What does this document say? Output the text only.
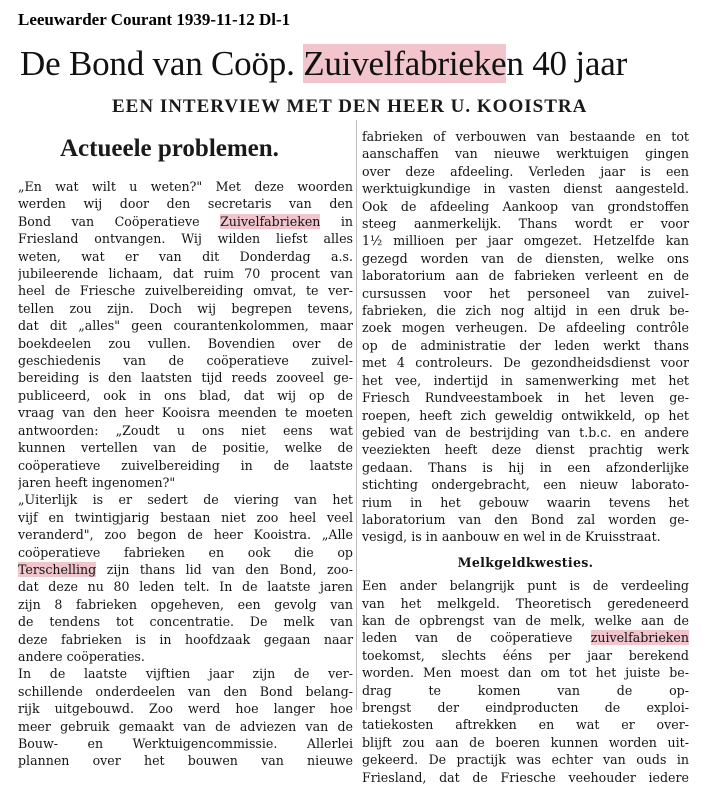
Leeuwarder Courant 1939-11-12 Dl-1
De Bond van Coöp. Zuivelfabrieken 40 jaar
EEN INTERVIEW MET DEN HEER U. KOOISTRA
Actueele problemen.
„En wat wilt u weten?" Met deze woorden
werden wij door den secretaris van den
Bond van Coöperatieve Zuivelfabrieken in
Friesland ontvangen. Wij wilden liefst alles
weten, wat er van dit Donderdag a.s.
jubileerende lichaam, dat ruim 70 procent van
heel de Friesche zuivelbereiding omvat, te ver-
tellen zou zijn. Doch wij begrepen tevens,
dat dit „alles" geen courantenkolommen, maar
boekdeelen zou vullen. Bovendien over de
geschiedenis van de coöperatieve zuivel-
bereiding is den laatsten tijd reeds zooveel ge-
publiceerd, ook in ons blad, dat wij op de
vraag van den heer Kooisra meenden te moeten
antwoorden: „Zoudt u ons niet eens wat
kunnen vertellen van de positie, welke de
coöperatieve zuivelbereiding in de laatste
jaren heeft ingenomen?"
„Uiterlijk is er sedert de viering van het
vijf en twintigjarig bestaan niet zoo heel veel
veranderd", zoo begon de heer Kooistra. „Alle
coöperatieve fabrieken en ook die op
Terschelling zijn thans lid van den Bond, zoo-
dat deze nu 80 leden telt. In de laatste jaren
zijn 8 fabrieken opgeheven, een gevolg van
de tendens tot concentratie. De melk van
deze fabrieken is in hoofdzaak gegaan naar
andere coöperaties.
In de laatste vijftien jaar zijn de ver-
schillende onderdeelen van den Bond belang-
rijk uitgebouwd. Zoo werd hoe langer hoe
meer gebruik gemaakt van de adviezen van de
Bouw- en Werktuigencommissie. Allerlei
plannen over het bouwen van nieuwe
fabrieken of verbouwen van bestaande en tot
aanschaffen van nieuwe werktuigen gingen
over deze afdeeling. Verleden jaar is een
werktuigkundige in vasten dienst aangesteld.
Ook de afdeeling Aankoop van grondstoffen
steeg aanmerkelijk. Thans wordt er voor
1½ millioen per jaar omgezet. Hetzelfde kan
gezegd worden van de diensten, welke ons
laboratorium aan de fabrieken verleent en de
cursussen voor het personeel van zuivel-
fabrieken, die zich nog altijd in een druk be-
zoek mogen verheugen. De afdeeling contrôle
op de administratie der leden werkt thans
met 4 controleurs. De gezondheidsdienst voor
het vee, indertijd in samenwerking met het
Friesch Rundveestamboek in het leven ge-
roepen, heeft zich geweldig ontwikkeld, op het
gebied van de bestrijding van t.b.c. en andere
veeziekten heeft deze dienst prachtig werk
gedaan. Thans is hij in een afzonderlijke
stichting ondergebracht, een nieuw laborato-
rium in het gebouw waarin tevens het
laboratorium van den Bond zal worden ge-
vesigd, is in aanbouw en wel in de Kruisstraat.
Melkgeldkwesties.
Een ander belangrijk punt is de verdeeling
van het melkgeld. Theoretisch geredeneerd
kan de opbrengst van de melk, welke aan de
leden van de coöperatieve zuivelfabrieken
toekomst, slechts ééns per jaar berekend
worden. Men moest dan om tot het juiste be-
drag te komen van de op-
brengst der eindproducten de exploi-
tatiekosten aftrekken en wat er over-
blijft zou aan de boeren kunnen worden uit-
gekeerd. De practijk was echter van ouds in
Friesland, dat de Friesche veehouder iedere
